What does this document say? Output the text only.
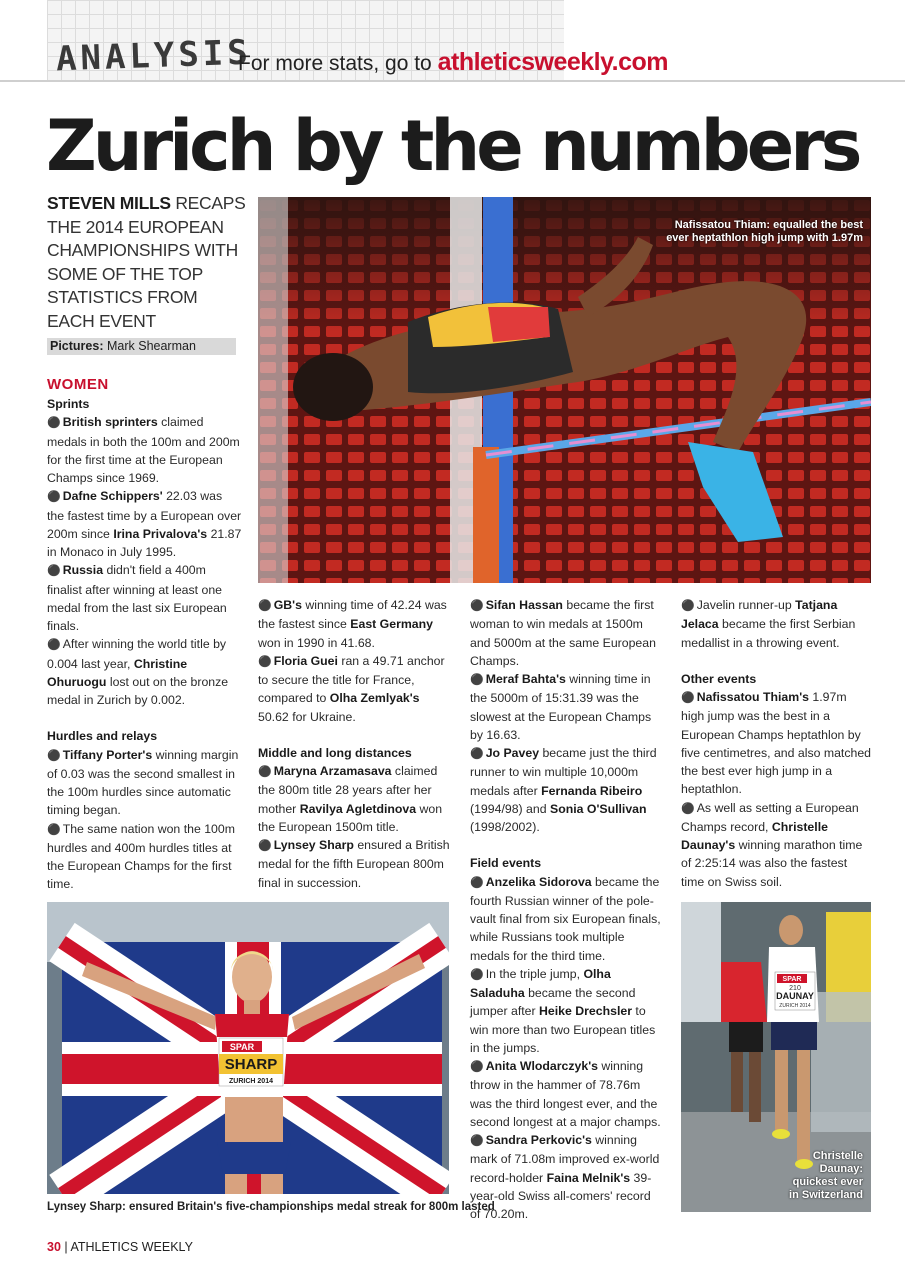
ANALYSIS
For more stats, go to athleticsweekly.com
Zurich by the numbers
STEVEN MILLS RECAPS THE 2014 EUROPEAN CHAMPIONSHIPS WITH SOME OF THE TOP STATISTICS FROM EACH EVENT
Pictures: Mark Shearman
Nafissatou Thiam: equalled the best ever heptathlon high jump with 1.97m

WOMEN

Sprints

⚫ British sprinters claimed medals in both the 100m and 200m for the first time at the European Champs since 1969.

⚫ Dafne Schippers' 22.03 was the fastest time by a European over 200m since Irina Privalova's 21.87 in Monaco in July 1995.

⚫ Russia didn't field a 400m finalist after winning at least one medal from the last six European finals.

⚫ After winning the world title by 0.004 last year, Christine Ohuruogu lost out on the bronze medal in Zurich by 0.002.

Hurdles and relays

⚫ Tiffany Porter's winning margin of 0.03 was the second smallest in the 100m hurdles since automatic timing began.

⚫ The same nation won the 100m hurdles and 400m hurdles titles at the European Champs for the first time.

⚫ GB's winning time of 42.24 was the fastest since East Germany won in 1990 in 41.68.

⚫ Floria Guei ran a 49.71 anchor to secure the title for France, compared to Olha Zemlyak's 50.62 for Ukraine.

Middle and long distances

⚫ Maryna Arzamasava claimed the 800m title 28 years after her mother Ravilya Agletdinova won the European 1500m title.

⚫ Lynsey Sharp ensured a British medal for the fifth European 800m final in succession.

⚫ Sifan Hassan became the first woman to win medals at 1500m and 5000m at the same European Champs.

⚫ Meraf Bahta's winning time in the 5000m of 15:31.39 was the slowest at the European Champs by 16.63.

⚫ Jo Pavey became just the third runner to win multiple 10,000m medals after Fernanda Ribeiro (1994/98) and Sonia O'Sullivan (1998/2002).

Field events

⚫ Anzelika Sidorova became the fourth Russian winner of the pole-vault final from six European finals, while Russians took multiple medals for the third time.

⚫ In the triple jump, Olha Saladuha became the second jumper after Heike Drechsler to win more than two European titles in the jumps.

⚫ Anita Wlodarczyk's winning throw in the hammer of 78.76m was the third longest ever, and the second longest at a major champs.

⚫ Sandra Perkovic's winning mark of 71.08m improved ex-world record-holder Faina Melnik's 39-year-old Swiss all-comers' record of 70.20m.

⚫ Javelin runner-up Tatjana Jelaca became the first Serbian medallist in a throwing event.

Other events

⚫ Nafissatou Thiam's 1.97m high jump was the best in a European Champs heptathlon by five centimetres, and also matched the best ever high jump in a heptathlon.

⚫ As well as setting a European Champs record, Christelle Daunay's winning marathon time of 2:25:14 was also the fastest time on Swiss soil.

SPAR
SHARP
ZURICH 2014
Lynsey Sharp: ensured Britain's five-championships medal streak for 800m lasted
SPAR
210
DAUNAY
ZURICH 2014
Christelle Daunay: quickest ever in Switzerland
30 | ATHLETICS WEEKLY
